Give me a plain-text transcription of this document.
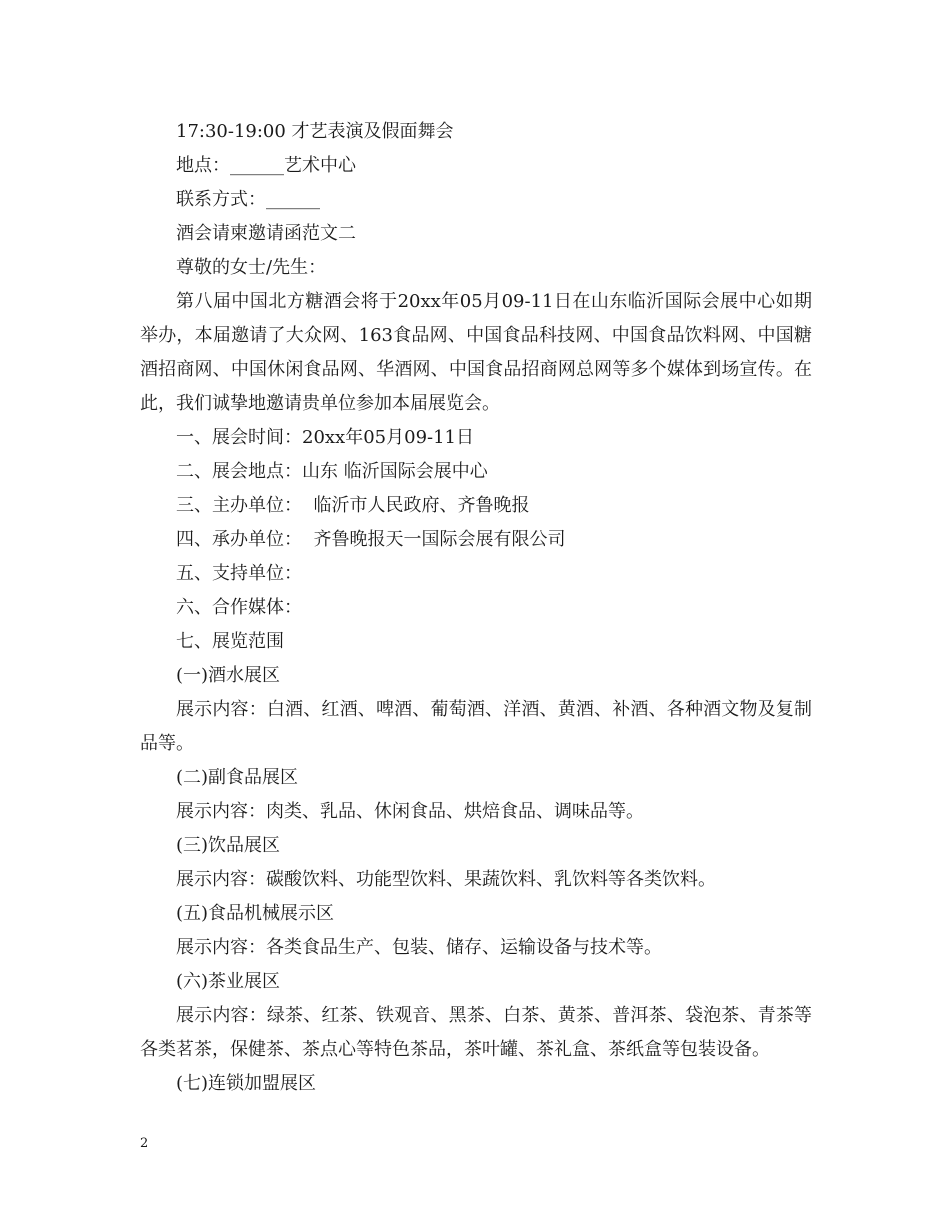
17:30-19:00 才艺表演及假面舞会

地点：______艺术中心

联系方式：______

酒会请柬邀请函范文二

尊敬的女士/先生：

第八届中国北方糖酒会将于20xx年05月09-11日在山东临沂国际会展中心如期举办，本届邀请了大众网、163食品网、中国食品科技网、中国食品饮料网、中国糖酒招商网、中国休闲食品网、华酒网、中国食品招商网总网等多个媒体到场宣传。在此，我们诚挚地邀请贵单位参加本届展览会。

一、展会时间：20xx年05月09-11日

二、展会地点：山东 临沂国际会展中心

三、主办单位：  临沂市人民政府、齐鲁晚报

四、承办单位：  齐鲁晚报天一国际会展有限公司

五、支持单位：

六、合作媒体：

七、展览范围

(一)酒水展区

展示内容：白酒、红酒、啤酒、葡萄酒、洋酒、黄酒、补酒、各种酒文物及复制品等。

(二)副食品展区

展示内容：肉类、乳品、休闲食品、烘焙食品、调味品等。

(三)饮品展区

展示内容：碳酸饮料、功能型饮料、果蔬饮料、乳饮料等各类饮料。

(五)食品机械展示区

展示内容：各类食品生产、包装、储存、运输设备与技术等。

(六)茶业展区

展示内容：绿茶、红茶、铁观音、黑茶、白茶、黄茶、普洱茶、袋泡茶、青茶等各类茗茶，保健茶、茶点心等特色茶品，茶叶罐、茶礼盒、茶纸盒等包装设备。

(七)连锁加盟展区

2
